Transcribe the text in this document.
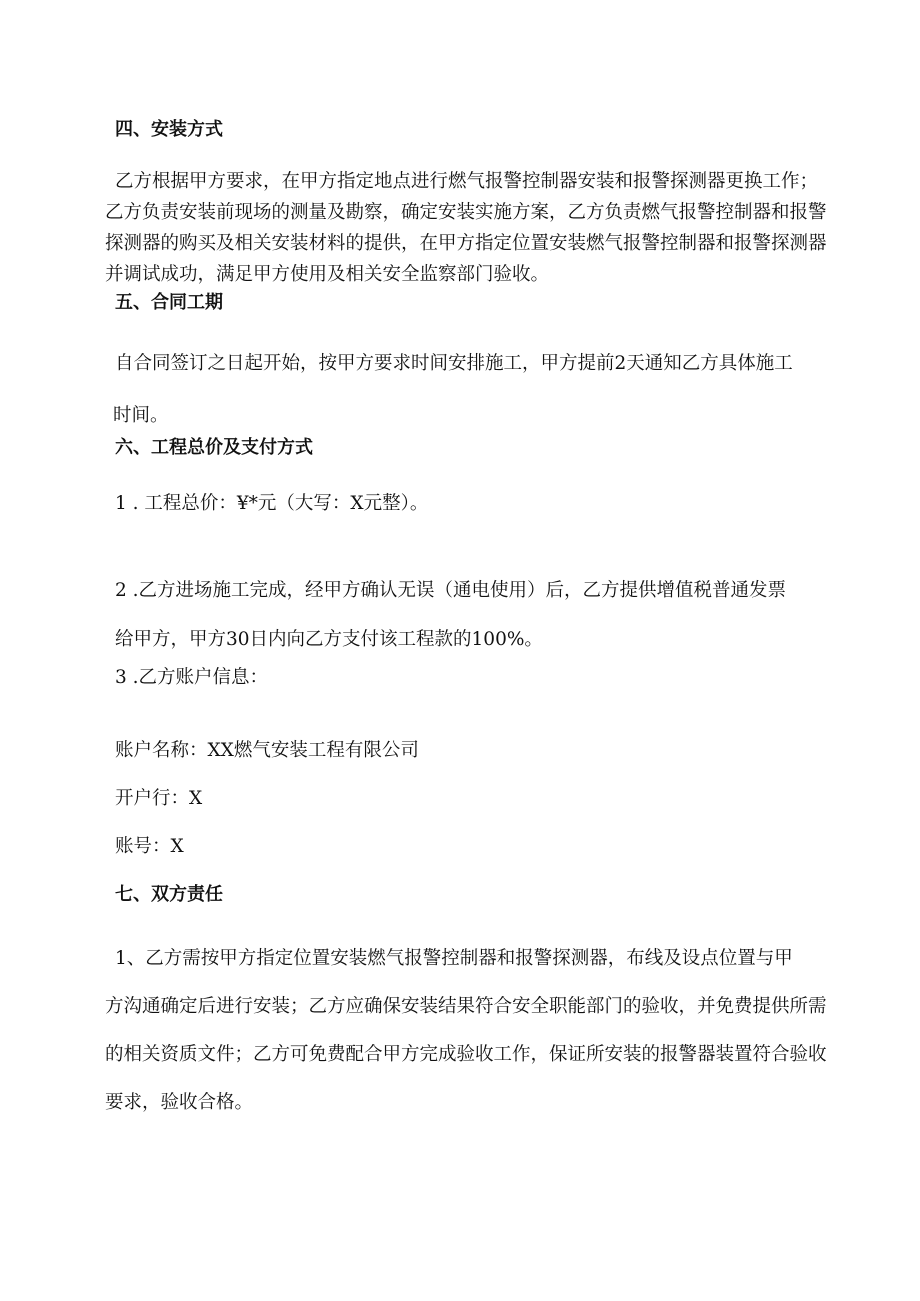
四、安装方式
乙方根据甲方要求，在甲方指定地点进行燃气报警控制器安装和报警探测器更换工作；
乙方负责安装前现场的测量及勘察，确定安装实施方案，乙方负责燃气报警控制器和报警
探测器的购买及相关安装材料的提供，在甲方指定位置安装燃气报警控制器和报警探测器
并调试成功，满足甲方使用及相关安全监察部门验收。
五、合同工期
自合同签订之日起开始，按甲方要求时间安排施工，甲方提前2天通知乙方具体施工
时间。
六、工程总价及支付方式
1 . 工程总价：¥*元（大写：X元整）。
2 .乙方进场施工完成，经甲方确认无误（通电使用）后，乙方提供增值税普通发票
给甲方，甲方30日内向乙方支付该工程款的100%。
3 .乙方账户信息：
账户名称：XX燃气安装工程有限公司
开户行：X
账号：X
七、双方责任
1、乙方需按甲方指定位置安装燃气报警控制器和报警探测器，布线及设点位置与甲
方沟通确定后进行安装；乙方应确保安装结果符合安全职能部门的验收，并免费提供所需
的相关资质文件；乙方可免费配合甲方完成验收工作，保证所安装的报警器装置符合验收
要求，验收合格。
